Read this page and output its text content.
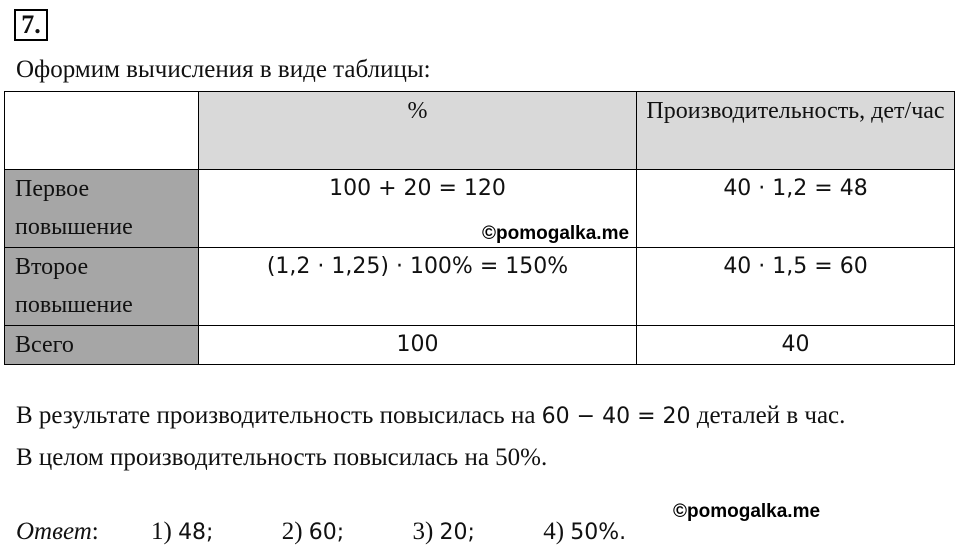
7.
Оформим вычисления в виде таблицы:
	%	Производительность, дет/час
Первое повышение	100 + 20 = 120	40 · 1,2 = 48
Второе повышение	(1,2 · 1,25) · 100% = 150%	40 · 1,5 = 60
Всего	100	40
©pomogalka.me
В результате производительность повысилась на 60 − 40 = 20 деталей в час.
В целом производительность повысилась на 50%.
©pomogalka.me
Ответ: 1) 48;	2) 60;	3) 20;	4) 50%.
